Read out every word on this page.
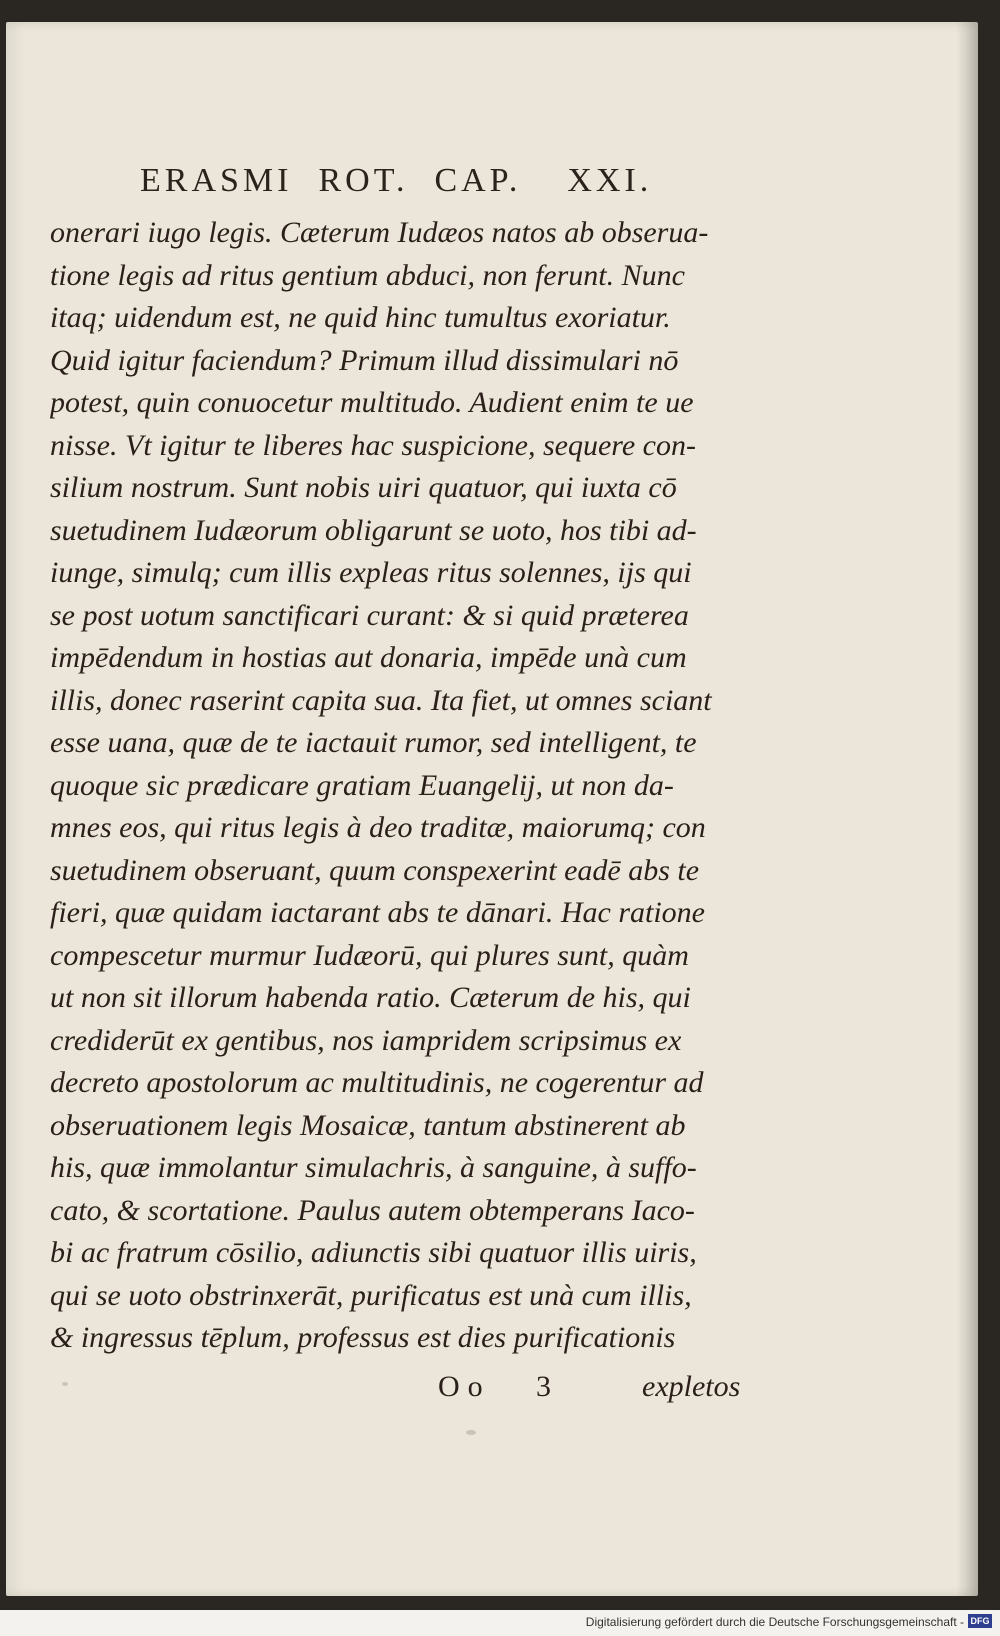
ERASMI ROT. CAP. XXI.
onerari iugo legis. Cæterum Iudæos natos ab obserua-
tione legis ad ritus gentium abduci, non ferunt. Nunc
itaq; uidendum est, ne quid hinc tumultus exoriatur.
Quid igitur faciendum? Primum illud dissimulari nō
potest, quin conuocetur multitudo. Audient enim te ue
nisse. Vt igitur te liberes hac suspicione, sequere con-
silium nostrum. Sunt nobis uiri quatuor, qui iuxta cō
suetudinem Iudæorum obligarunt se uoto, hos tibi ad-
iunge, simulq; cum illis expleas ritus solennes, ijs qui
se post uotum sanctificari curant: & si quid præterea
impēdendum in hostias aut donaria, impēde unà cum
illis, donec raserint capita sua. Ita fiet, ut omnes sciant
esse uana, quæ de te iactauit rumor, sed intelligent, te
quoque sic prædicare gratiam Euangelij, ut non da-
mnes eos, qui ritus legis à deo traditæ, maiorumq; con
suetudinem obseruant, quum conspexerint eadē abs te
fieri, quæ quidam iactarant abs te dānari. Hac ratione
compescetur murmur Iudæorū, qui plures sunt, quàm
ut non sit illorum habenda ratio. Cæterum de his, qui
crediderūt ex gentibus, nos iampridem scripsimus ex
decreto apostolorum ac multitudinis, ne cogerentur ad
obseruationem legis Mosaicæ, tantum abstinerent ab
his, quæ immolantur simulachris, à sanguine, à suffo-
cato, & scortatione. Paulus autem obtemperans Iaco-
bi ac fratrum cōsilio, adiunctis sibi quatuor illis uiris,
qui se uoto obstrinxerāt, purificatus est unà cum illis,
& ingressus tēplum, professus est dies purificationis
Oo 3	expletos
Digitalisierung gefördert durch die Deutsche Forschungsgemeinschaft - DFG
